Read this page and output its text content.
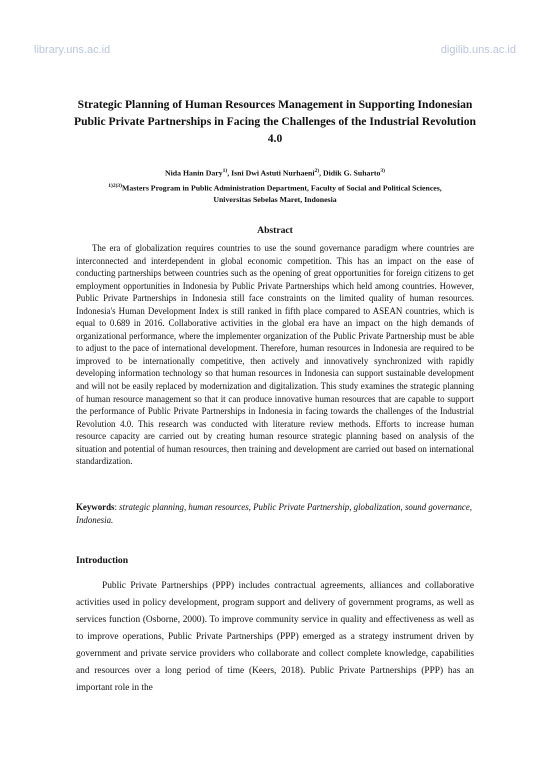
library.uns.ac.id	digilib.uns.ac.id
Strategic Planning of Human Resources Management in Supporting Indonesian Public Private Partnerships in Facing the Challenges of the Industrial Revolution 4.0
Nida Hanin Dary$^{1)}$, Isni Dwi Astuti Nurhaeni$^{2)}$, Didik G. Suharto$^{3)}$
$^{1)2)3)}$Masters Program in Public Administration Department, Faculty of Social and Political Sciences,
Universitas Sebelas Maret, Indonesia
Abstract

The era of globalization requires countries to use the sound governance paradigm where countries are interconnected and interdependent in global economic competition. This has an impact on the ease of conducting partnerships between countries such as the opening of great opportunities for foreign citizens to get employment opportunities in Indonesia by Public Private Partnerships which held among countries. However, Public Private Partnerships in Indonesia still face constraints on the limited quality of human resources. Indonesia's Human Development Index is still ranked in fifth place compared to ASEAN countries, which is equal to 0.689 in 2016. Collaborative activities in the global era have an impact on the high demands of organizational performance, where the implementer organization of the Public Private Partnership must be able to adjust to the pace of international development. Therefore, human resources in Indonesia are required to be improved to be internationally competitive, then actively and innovatively synchronized with rapidly developing information technology so that human resources in Indonesia can support sustainable development and will not be easily replaced by modernization and digitalization. This study examines the strategic planning of human resource management so that it can produce innovative human resources that are capable to support the performance of Public Private Partnerships in Indonesia in facing towards the challenges of the Industrial Revolution 4.0. This research was conducted with literature review methods. Efforts to increase human resource capacity are carried out by creating human resource strategic planning based on analysis of the situation and potential of human resources, then training and development are carried out based on international standardization.

Keywords: strategic planning, human resources, Public Private Partnership, globalization, sound governance, Indonesia.

Introduction

Public Private Partnerships (PPP) includes contractual agreements, alliances and collaborative activities used in policy development, program support and delivery of government programs, as well as services function (Osborne, 2000). To improve community service in quality and effectiveness as well as to improve operations, Public Private Partnerships (PPP) emerged as a strategy instrument driven by government and private service providers who collaborate and collect complete knowledge, capabilities and resources over a long period of time (Keers, 2018). Public Private Partnerships (PPP) has an important role in the
